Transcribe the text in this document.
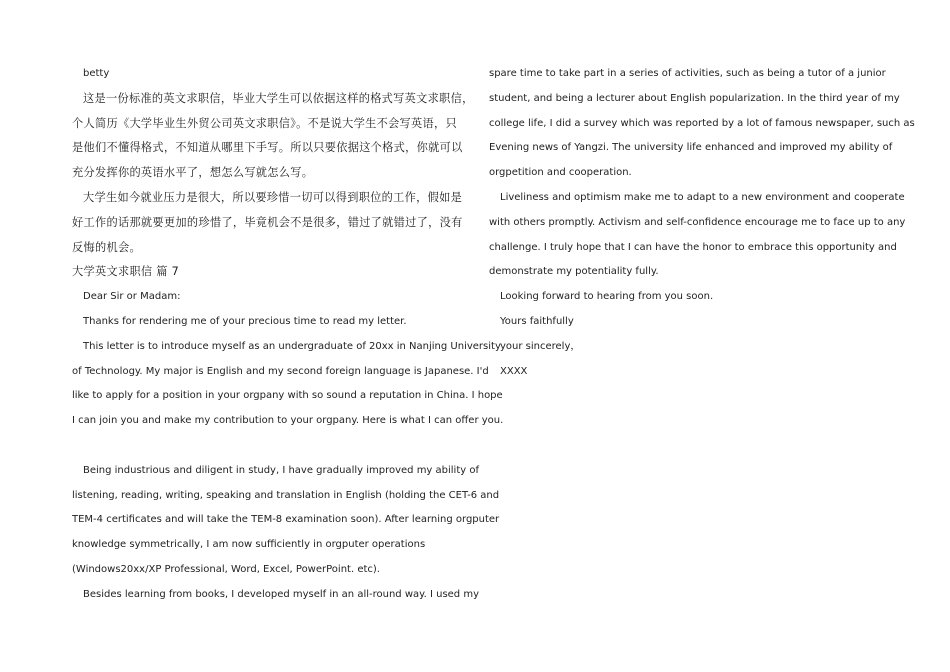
betty
这是一份标准的英文求职信，毕业大学生可以依据这样的格式写英文求职信，
个人简历《大学毕业生外贸公司英文求职信》。不是说大学生不会写英语，只
是他们不懂得格式，不知道从哪里下手写。所以只要依据这个格式，你就可以
充分发挥你的英语水平了，想怎么写就怎么写。
大学生如今就业压力是很大，所以要珍惜一切可以得到职位的工作，假如是
好工作的话那就要更加的珍惜了，毕竟机会不是很多，错过了就错过了，没有
反悔的机会。
大学英文求职信 篇 7
Dear Sir or Madam:
Thanks for rendering me of your precious time to read my letter.
This letter is to introduce myself as an undergraduate of 20xx in Nanjing University
of Technology. My major is English and my second foreign language is Japanese. I'd
like to apply for a position in your orgpany with so sound a reputation in China. I hope
I can join you and make my contribution to your orgpany. Here is what I can offer you.
Being industrious and diligent in study, I have gradually improved my ability of
listening, reading, writing, speaking and translation in English (holding the CET-6 and
TEM-4 certificates and will take the TEM-8 examination soon). After learning orgputer
knowledge symmetrically, I am now sufficiently in orgputer operations
(Windows20xx/XP Professional, Word, Excel, PowerPoint. etc).
Besides learning from books, I developed myself in an all-round way. I used my
spare time to take part in a series of activities, such as being a tutor of a junior
student, and being a lecturer about English popularization. In the third year of my
college life, I did a survey which was reported by a lot of famous newspaper, such as
Evening news of Yangzi. The university life enhanced and improved my ability of
orgpetition and cooperation.
Liveliness and optimism make me to adapt to a new environment and cooperate
with others promptly. Activism and self-confidence encourage me to face up to any
challenge. I truly hope that I can have the honor to embrace this opportunity and
demonstrate my potentiality fully.
Looking forward to hearing from you soon.
Yours faithfully
your sincerely，
XXXX
